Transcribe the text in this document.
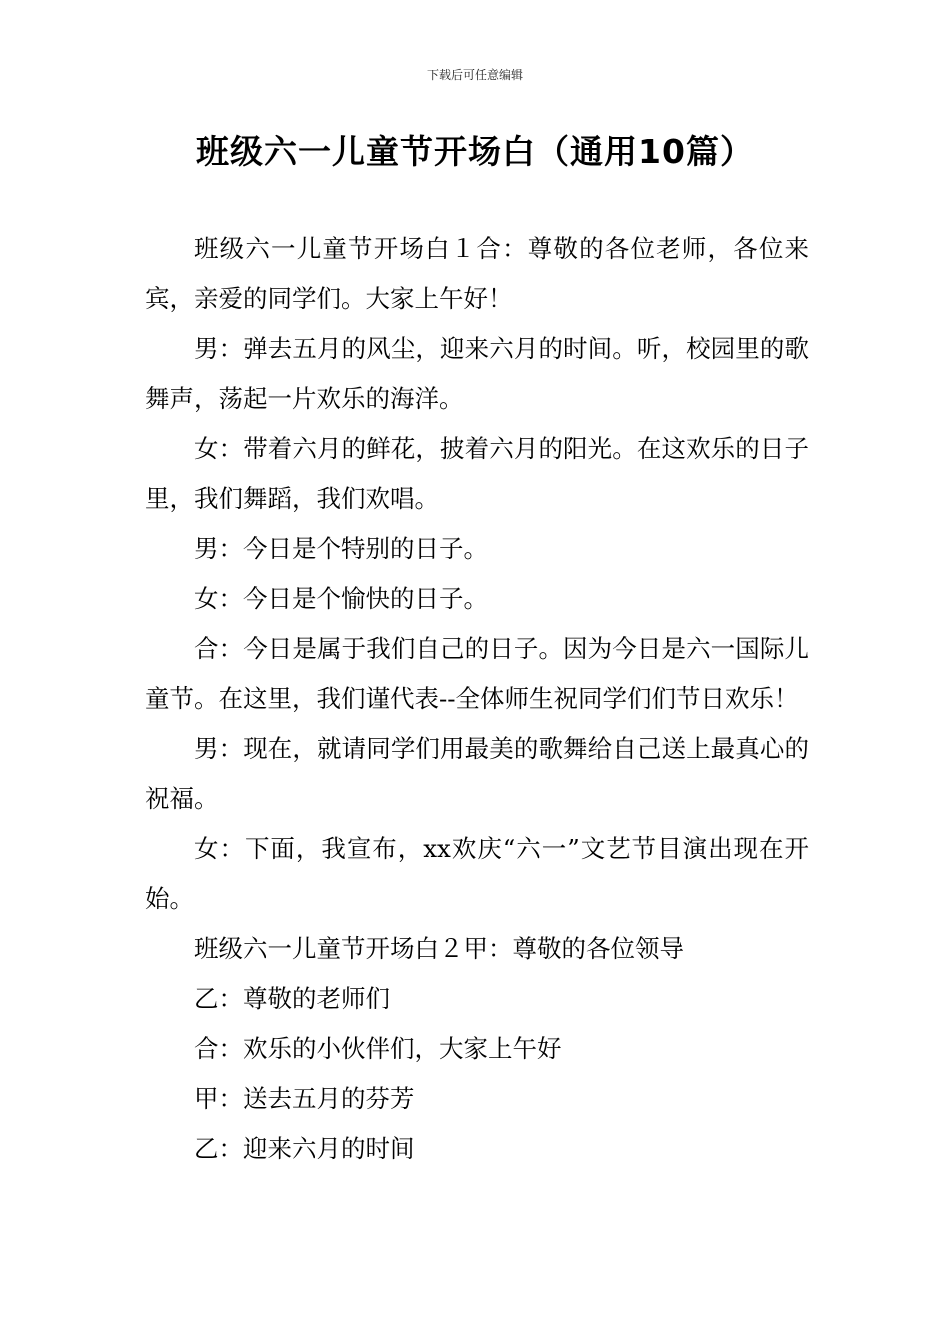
下载后可任意编辑
班级六一儿童节开场白（通用10篇）

班级六一儿童节开场白１合：尊敬的各位老师，各位来宾，亲爱的同学们。大家上午好！

男：弹去五月的风尘，迎来六月的时间。听，校园里的歌舞声，荡起一片欢乐的海洋。

女：带着六月的鲜花，披着六月的阳光。在这欢乐的日子里，我们舞蹈，我们欢唱。

男：今日是个特别的日子。

女：今日是个愉快的日子。

合：今日是属于我们自己的日子。因为今日是六一国际儿童节。在这里，我们谨代表--全体师生祝同学们们节日欢乐！

男：现在，就请同学们用最美的歌舞给自己送上最真心的祝福。

女：下面，我宣布，xx欢庆“六一”文艺节目演出现在开始。

班级六一儿童节开场白２甲：尊敬的各位领导

乙：尊敬的老师们

合：欢乐的小伙伴们，大家上午好

甲：送去五月的芬芳

乙：迎来六月的时间
